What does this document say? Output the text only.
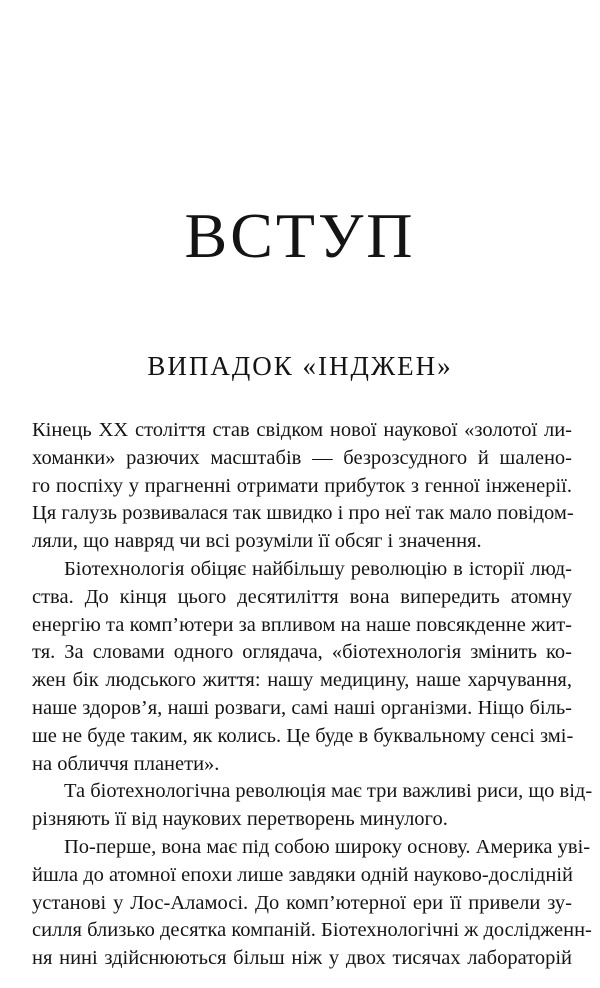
ВСТУП
ВИПАДОК «ІНДЖЕН»
Кінець XX століття став свідком нової наукової «золотої ли-
хоманки» разючих масштабів — безрозсудного й шалено-
го поспіху у прагненні отримати прибуток з генної інженерії.
Ця галузь розвивалася так швидко і про неї так мало повідом-
ляли, що навряд чи всі розуміли її обсяг і значення.
Біотехнологія обіцяє найбільшу революцію в історії люд-
ства. До кінця цього десятиліття вона випередить атомну
енергію та комп’ютери за впливом на наше повсякденне жит-
тя. За словами одного оглядача, «біотехнологія змінить ко-
жен бік людського життя: нашу медицину, наше харчування,
наше здоров’я, наші розваги, самі наші організми. Ніщо біль-
ше не буде таким, як колись. Це буде в буквальному сенсі змі-
на обличчя планети».
Та біотехнологічна революція має три важливі риси, що від-
різняють її від наукових перетворень минулого.
По-перше, вона має під собою широку основу. Америка уві-
йшла до атомної епохи лише завдяки одній науково-дослідній
установі у Лос-Аламосі. До комп’ютерної ери її привели зу-
силля близько десятка компаній. Біотехнологічні ж дослідженн-
ня нині здійснюються більш ніж у двох тисячах лабораторій
